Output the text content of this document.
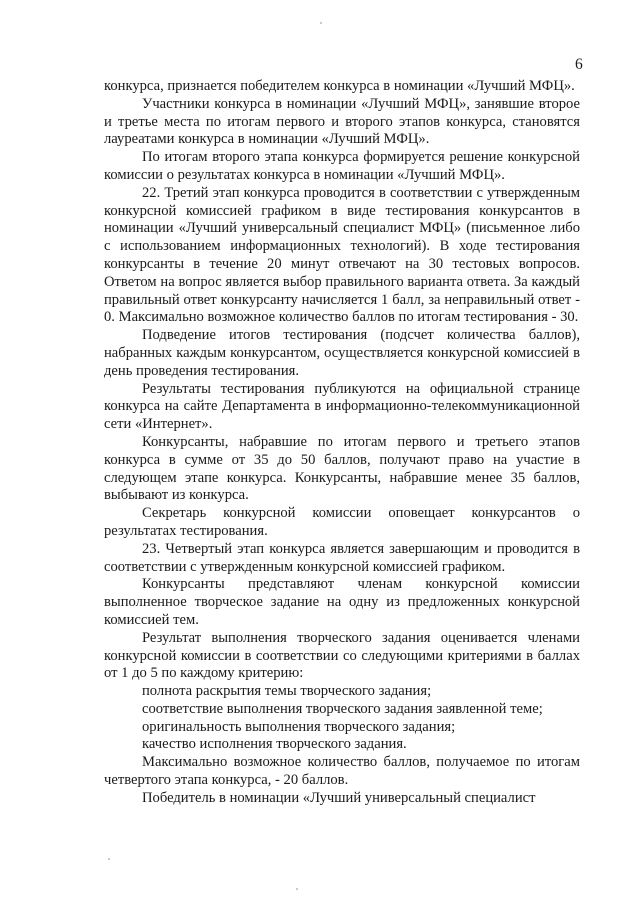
6

конкурса, признается победителем конкурса в номинации «Лучший МФЦ».

Участники конкурса в номинации «Лучший МФЦ», занявшие второе и третье места по итогам первого и второго этапов конкурса, становятся лауреатами конкурса в номинации «Лучший МФЦ».

По итогам второго этапа конкурса формируется решение конкурсной комиссии о результатах конкурса в номинации «Лучший МФЦ».

22. Третий этап конкурса проводится в соответствии с утвержденным конкурсной комиссией графиком в виде тестирования конкурсантов в номинации «Лучший универсальный специалист МФЦ» (письменное либо с использованием информационных технологий). В ходе тестирования конкурсанты в течение 20 минут отвечают на 30 тестовых вопросов. Ответом на вопрос является выбор правильного варианта ответа. За каждый правильный ответ конкурсанту начисляется 1 балл, за неправильный ответ - 0. Максимально возможное количество баллов по итогам тестирования - 30.

Подведение итогов тестирования (подсчет количества баллов), набранных каждым конкурсантом, осуществляется конкурсной комиссией в день проведения тестирования.

Результаты тестирования публикуются на официальной странице конкурса на сайте Департамента в информационно-телекоммуникационной сети «Интернет».

Конкурсанты, набравшие по итогам первого и третьего этапов конкурса в сумме от 35 до 50 баллов, получают право на участие в следующем этапе конкурса. Конкурсанты, набравшие менее 35 баллов, выбывают из конкурса.

Секретарь конкурсной комиссии оповещает конкурсантов о результатах тестирования.

23. Четвертый этап конкурса является завершающим и проводится в соответствии с утвержденным конкурсной комиссией графиком.

Конкурсанты представляют членам конкурсной комиссии выполненное творческое задание на одну из предложенных конкурсной комиссией тем.

Результат выполнения творческого задания оценивается членами конкурсной комиссии в соответствии со следующими критериями в баллах от 1 до 5 по каждому критерию:

полнота раскрытия темы творческого задания;

соответствие выполнения творческого задания заявленной теме;

оригинальность выполнения творческого задания;

качество исполнения творческого задания.

Максимально возможное количество баллов, получаемое по итогам четвертого этапа конкурса, - 20 баллов.

Победитель в номинации «Лучший универсальный специалист
